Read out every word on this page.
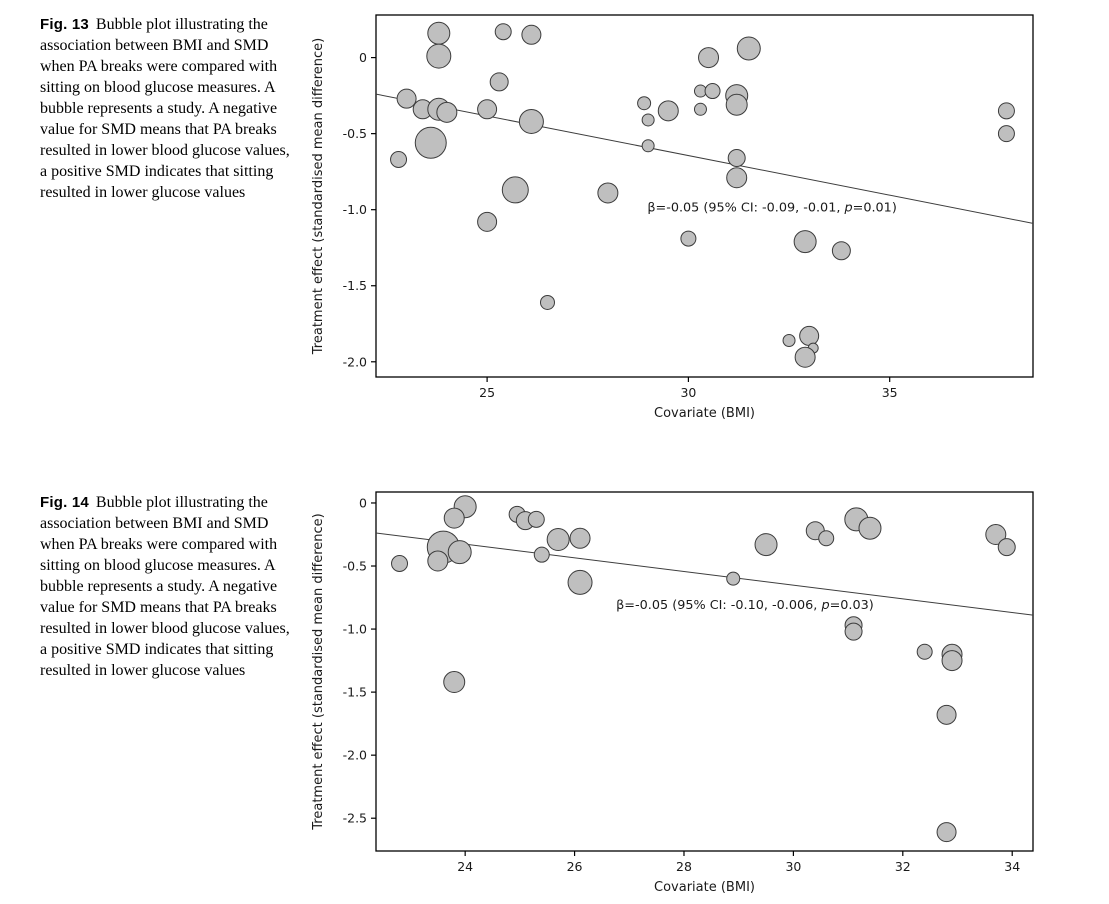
Fig. 13 Bubble plot illustrating the association between BMI and SMD when PA breaks were compared with sitting on blood glucose measures. A bubble represents a study. A negative value for SMD means that PA breaks resulted in lower blood glucose values, a positive SMD indicates that sitting resulted in lower glucose values
25	30	35
0
-0.5
-1.0
-1.5
-2.0
Covariate (BMI)
Treatment effect (standardised mean difference)	β=-0.05 (95% CI: -0.09, -0.01, p=0.01)
Fig. 14 Bubble plot illustrating the association between BMI and SMD when PA breaks were compared with sitting on blood glucose measures. A bubble represents a study. A negative value for SMD means that PA breaks resulted in lower blood glucose values, a positive SMD indicates that sitting resulted in lower glucose values
24	26	28	30	32	34
0
-0.5
-1.0
-1.5
-2.0
-2.5
Covariate (BMI)
Treatment effect (standardised mean difference)	β=-0.05 (95% CI: -0.10, -0.006, p=0.03)
